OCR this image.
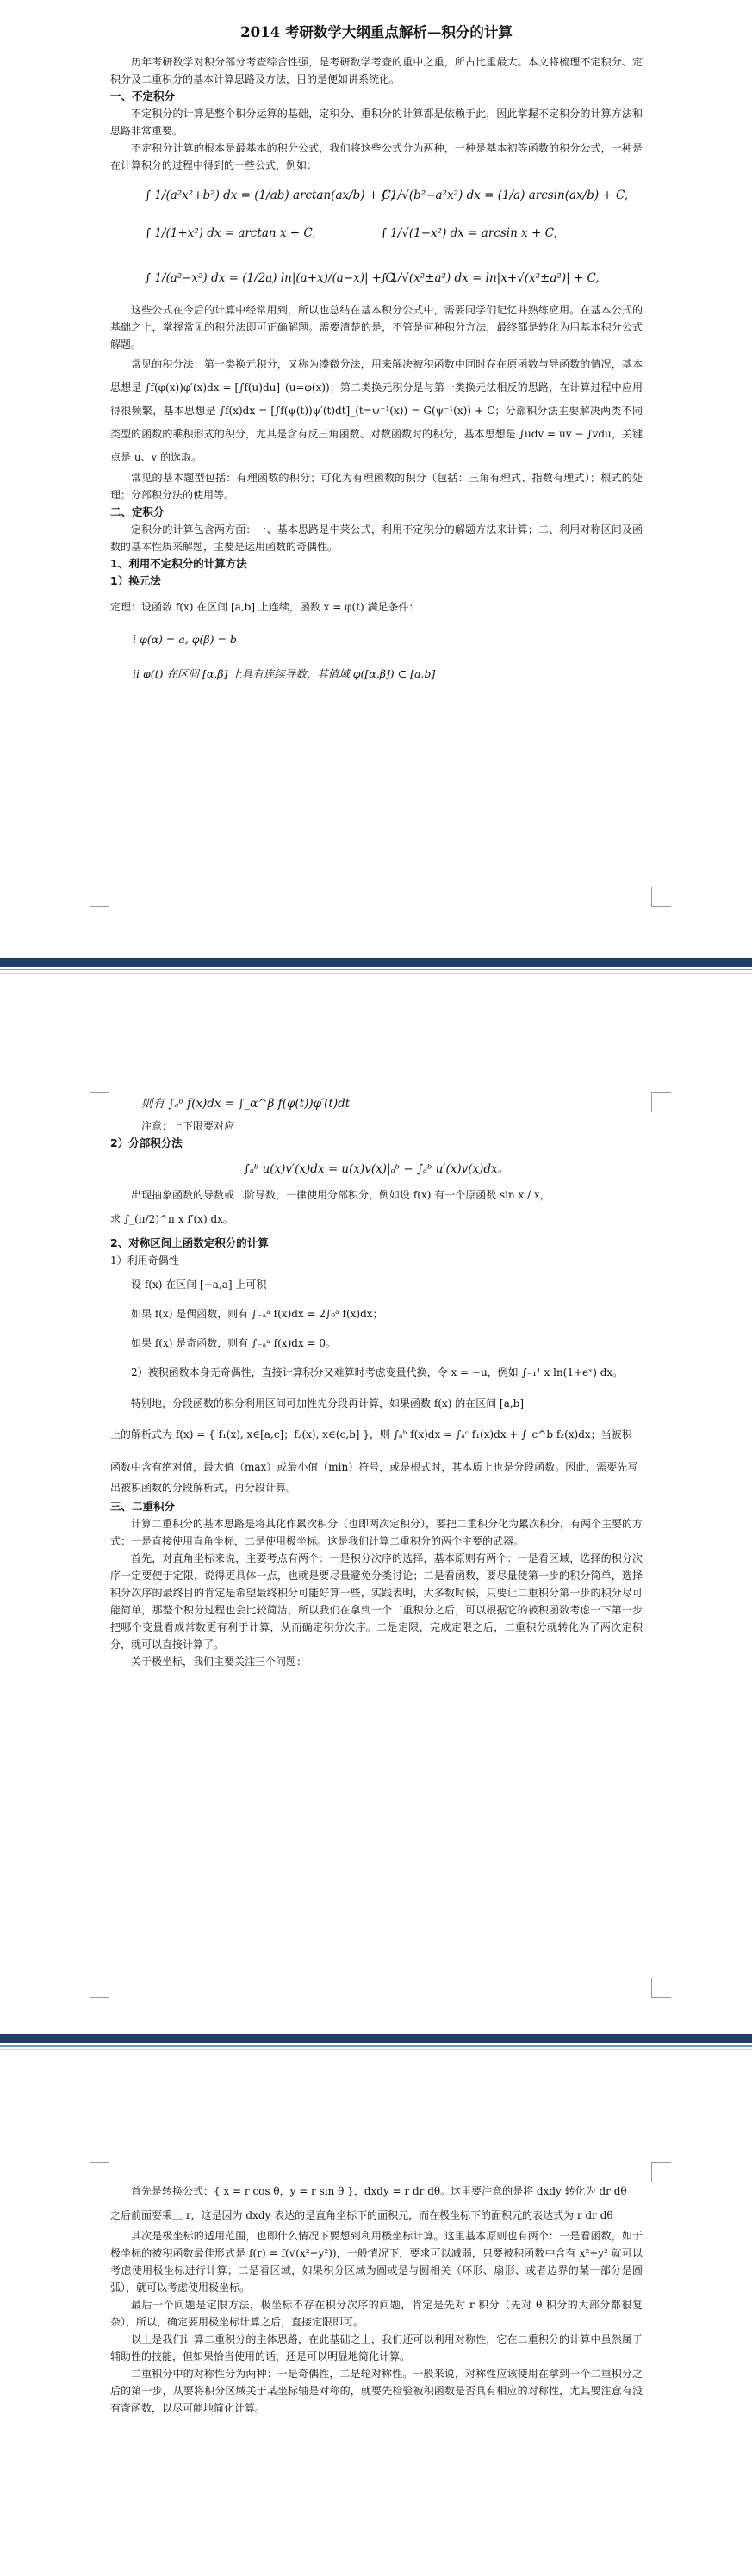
2014 考研数学大纲重点解析—积分的计算

历年考研数学对积分部分考查综合性强，是考研数学考查的重中之重，所占比重最大。本文将梳理不定积分、定积分及二重积分的基本计算思路及方法，目的是便如讲系统化。

一、不定积分

不定积分的计算是整个积分运算的基础，定积分、重积分的计算都是依赖于此，因此掌握不定积分的计算方法和思路非常重要。

不定积分计算的根本是最基本的积分公式，我们将这些公式分为两种，一种是基本初等函数的积分公式，一种是在计算积分的过程中得到的一些公式，例如：

∫ 1/(a²x²+b²) dx = (1/ab) arctan(ax/b) + C, ∫ 1/√(b²−a²x²) dx = (1/a) arcsin(ax/b) + C,
∫ 1/(1+x²) dx = arctan x + C,	∫ 1/√(1−x²) dx = arcsin x + C,
∫ 1/(a²−x²) dx = (1/2a) ln|(a+x)/(a−x)| + C, ∫ 1/√(x²±a²) dx = ln|x+√(x²±a²)| + C,

这些公式在今后的计算中经常用到，所以也总结在基本积分公式中，需要同学们记忆并熟练应用。在基本公式的基础之上，掌握常见的积分法即可正确解题。需要清楚的是，不管是何种积分方法，最终都是转化为用基本积分公式解题。

常见的积分法：第一类换元积分，又称为凑微分法，用来解决被积函数中同时存在原函数与导函数的情况，基本思想是 ∫f(φ(x))φ′(x)dx = [∫f(u)du]_(u=φ(x))；第二类换元积分是与第一类换元法相反的思路，在计算过程中应用得很频繁，基本思想是 ∫f(x)dx = [∫f(ψ(t))ψ′(t)dt]_(t=ψ⁻¹(x)) = G(ψ⁻¹(x)) + C；分部积分法主要解决两类不同类型的函数的乘积形式的积分，尤其是含有反三角函数、对数函数时的积分，基本思想是 ∫udv = uv − ∫vdu，关键点是 u、v 的选取。

常见的基本题型包括：有理函数的积分；可化为有理函数的积分（包括：三角有理式、指数有理式）；根式的处理；分部积分法的使用等。

二、定积分

定积分的计算包含两方面：一、基本思路是牛莱公式，利用不定积分的解题方法来计算；二、利用对称区间及函数的基本性质来解题，主要是运用函数的奇偶性。

1、利用不定积分的计算方法

1）换元法

定理：设函数 f(x) 在区间 [a,b] 上连续，函数 x = φ(t) 满足条件：

i φ(α) = a, φ(β) = b

ii φ(t) 在区间 [α,β] 上具有连续导数，其值域 φ([α,β]) ⊂ [a,b]

则有 ∫ₐᵇ f(x)dx = ∫_α^β f(φ(t))φ′(t)dt

注意：上下限要对应

2）分部积分法

∫ₐᵇ u(x)v′(x)dx = u(x)v(x)|ₐᵇ − ∫ₐᵇ u′(x)v(x)dx。

出现抽象函数的导数或二阶导数，一律使用分部积分，例如设 f(x) 有一个原函数 sin x / x，

求 ∫_(π/2)^π x f′(x) dx。

2、对称区间上函数定积分的计算

1）利用奇偶性

设 f(x) 在区间 [−a,a] 上可积

如果 f(x) 是偶函数，则有 ∫₋ₐᵃ f(x)dx = 2∫₀ᵃ f(x)dx；

如果 f(x) 是奇函数，则有 ∫₋ₐᵃ f(x)dx = 0。

2）被积函数本身无奇偶性，直接计算积分又难算时考虑变量代换，令 x = −u，例如 ∫₋₁¹ x ln(1+eˣ) dx。

特别地，分段函数的积分利用区间可加性先分段再计算，如果函数 f(x) 的在区间 [a,b]

上的解析式为 f(x) = { f₁(x), x∈[a,c]；f₂(x), x∈(c,b] }，则 ∫ₐᵇ f(x)dx = ∫ₐᶜ f₁(x)dx + ∫_c^b f₂(x)dx；当被积

函数中含有绝对值，最大值（max）或最小值（min）符号，或是根式时，其本质上也是分段函数。因此，需要先写出被积函数的分段解析式，再分段计算。

三、二重积分

计算二重积分的基本思路是将其化作累次积分（也即两次定积分），要把二重积分化为累次积分，有两个主要的方式：一是直接使用直角坐标，二是使用极坐标。这是我们计算二重积分的两个主要的武器。

首先，对直角坐标来说，主要考点有两个：一是积分次序的选择，基本原则有两个：一是看区域，选择的积分次序一定要便于定限，说得更具体一点，也就是要尽量避免分类讨论；二是看函数，要尽量使第一步的积分简单，选择积分次序的最终目的肯定是希望最终积分可能好算一些，实践表明，大多数时候，只要让二重积分第一步的积分尽可能简单，那整个积分过程也会比较简洁，所以我们在拿到一个二重积分之后，可以根据它的被积函数考虑一下第一步把哪个变量看成常数更有利于计算，从而确定积分次序。二是定限，完成定限之后，二重积分就转化为了两次定积分，就可以直接计算了。

关于极坐标，我们主要关注三个问题：

首先是转换公式：{ x = r cos θ，y = r sin θ }，dxdy = r dr dθ。这里要注意的是将 dxdy 转化为 dr dθ

之后前面要乘上 r，这是因为 dxdy 表达的是直角坐标下的面积元，而在极坐标下的面积元的表达式为 r dr dθ

其次是极坐标的适用范围，也即什么情况下要想到利用极坐标计算。这里基本原则也有两个：一是看函数，如于极坐标的被积函数最佳形式是 f(r) = f(√(x²+y²))，一般情况下，要求可以减弱，只要被积函数中含有 x²+y² 就可以考虑使用极坐标进行计算；二是看区域，如果积分区域为圆或是与圆相关（环形、扇形、或者边界的某一部分是圆弧），就可以考虑使用极坐标。

最后一个问题是定限方法，极坐标不存在积分次序的问题，肯定是先对 r 积分（先对 θ 积分的大部分都很复杂），所以，确定要用极坐标计算之后，直接定限即可。

以上是我们计算二重积分的主体思路，在此基础之上，我们还可以利用对称性，它在二重积分的计算中虽然属于辅助性的技能，但如果恰当使用的话，还是可以明显地简化计算。

二重积分中的对称性分为两种：一是奇偶性，二是轮对称性。一般来说，对称性应该使用在拿到一个二重积分之后的第一步，从要将积分区域关于某坐标轴是对称的，就要先检验被积函数是否具有相应的对称性，尤其要注意有没有奇函数，以尽可能地简化计算。
